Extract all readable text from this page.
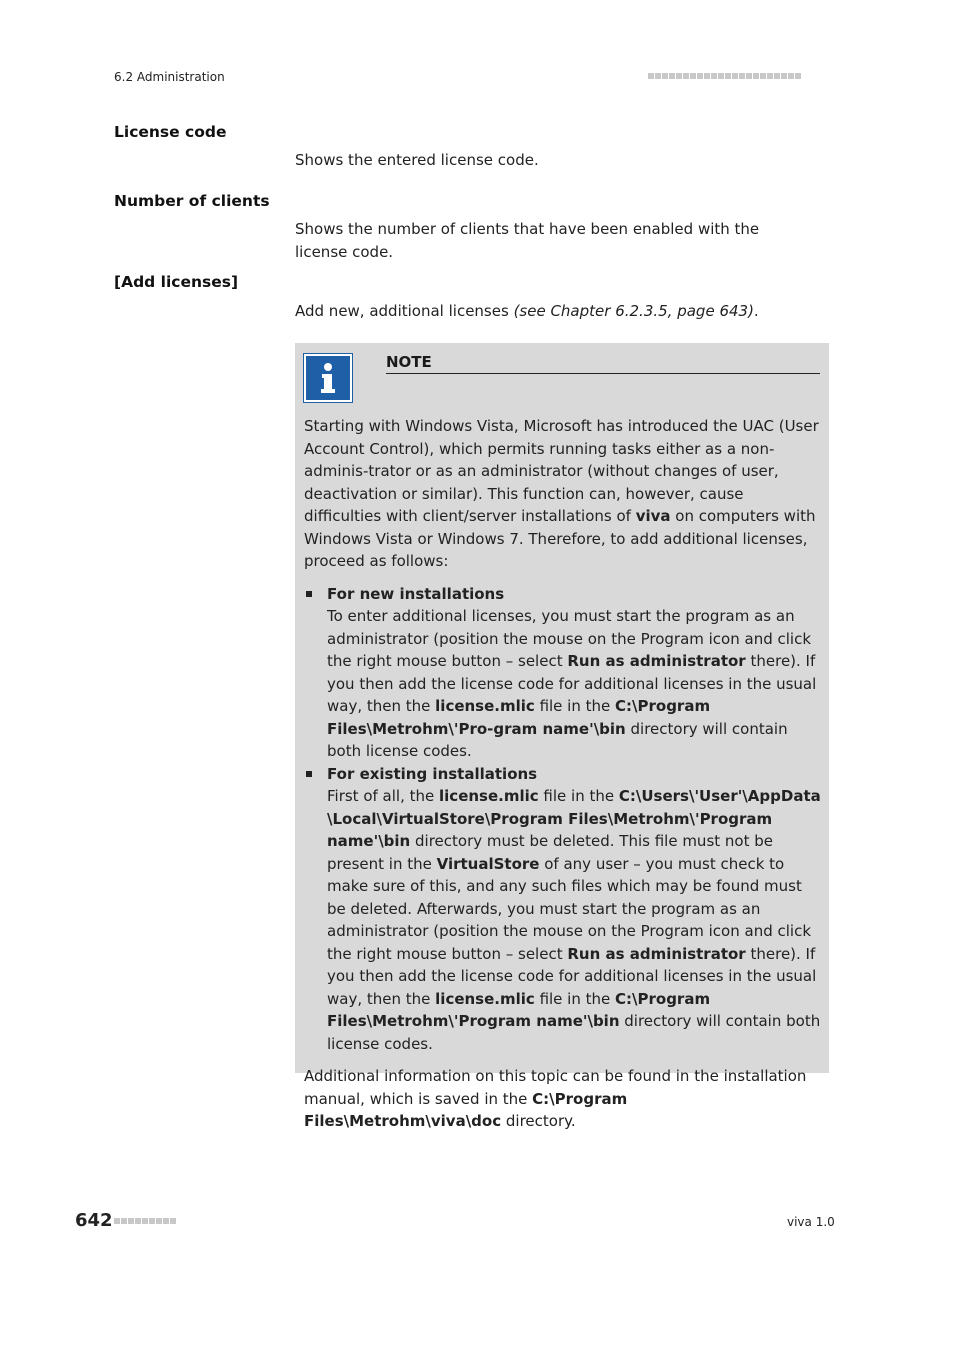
6.2 Administration
License code
Shows the entered license code.
Number of clients
Shows the number of clients that have been enabled with the license code.
[Add licenses]
Add new, additional licenses (see Chapter 6.2.3.5, page 643).
NOTE

Starting with Windows Vista, Microsoft has introduced the UAC (User Account Control), which permits running tasks either as a non-adminis-trator or as an administrator (without changes of user, deactivation or similar). This function can, however, cause difficulties with client/server installations of viva on computers with Windows Vista or Windows 7. Therefore, to add additional licenses, proceed as follows:

For new installations
To enter additional licenses, you must start the program as an administrator (position the mouse on the Program icon and click the right mouse button – select Run as administrator there). If you then add the license code for additional licenses in the usual way, then the license.mlic file in the C:\Program Files\Metrohm\'Pro-gram name'\bin directory will contain both license codes.
For existing installations
First of all, the license.mlic file in the C:\Users\'User'\AppData \Local\VirtualStore\Program Files\Metrohm\'Program name'\bin directory must be deleted. This file must not be present in the VirtualStore of any user – you must check to make sure of this, and any such files which may be found must be deleted. Afterwards, you must start the program as an administrator (position the mouse on the Program icon and click the right mouse button – select Run as administrator there). If you then add the license code for additional licenses in the usual way, then the license.mlic file in the C:\Program Files\Metrohm\'Program name'\bin directory will contain both license codes.

Additional information on this topic can be found in the installation manual, which is saved in the C:\Program Files\Metrohm\viva\doc directory.

642	viva 1.0
